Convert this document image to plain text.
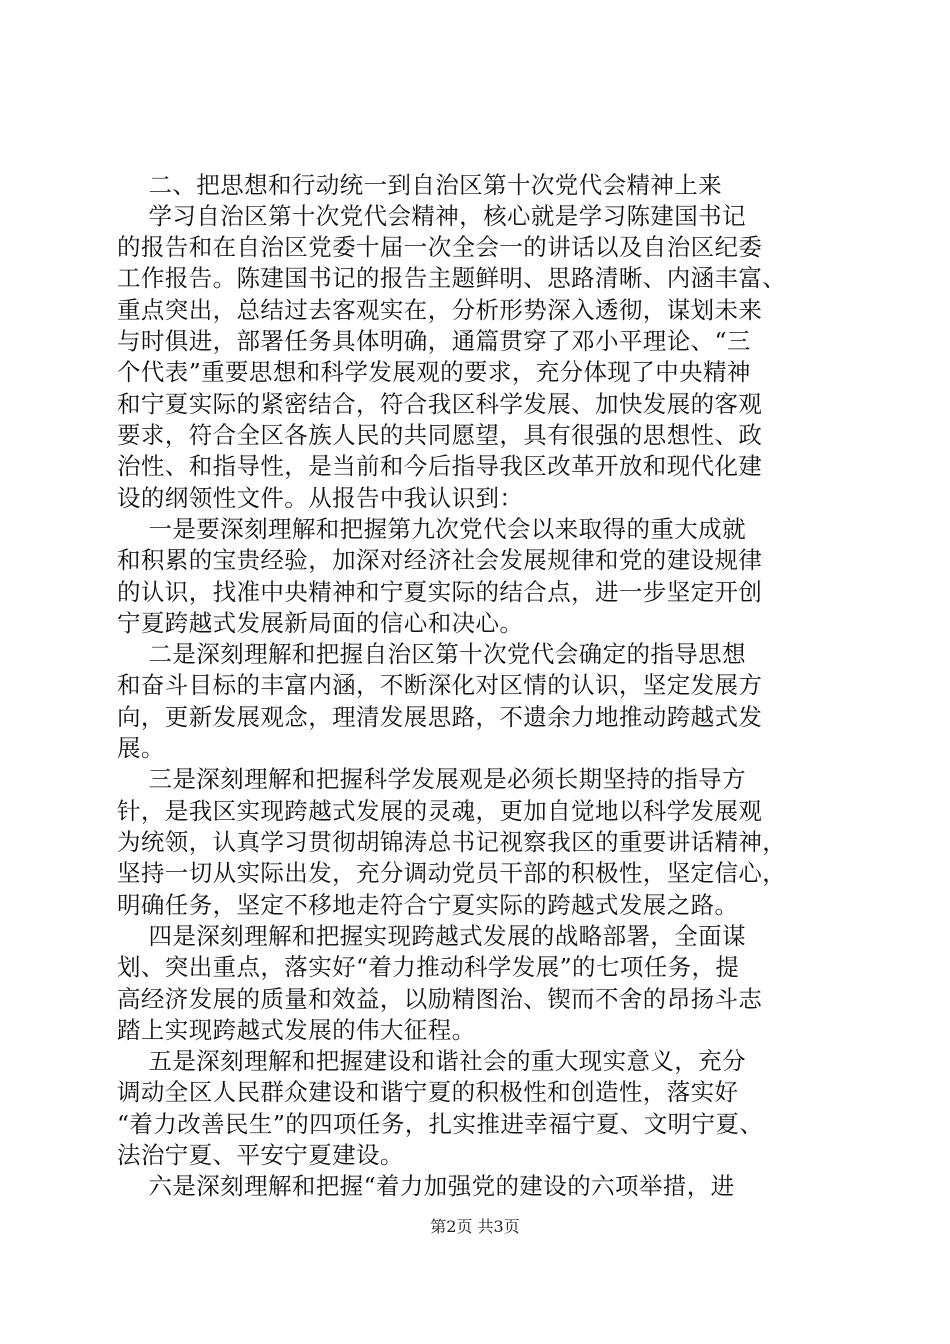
二、把思想和行动统一到自治区第十次党代会精神上来
学习自治区第十次党代会精神，核心就是学习陈建国书记
的报告和在自治区党委十届一次全会一的讲话以及自治区纪委
工作报告。陈建国书记的报告主题鲜明、思路清晰、内涵丰富、
重点突出，总结过去客观实在，分析形势深入透彻，谋划未来
与时俱进，部署任务具体明确，通篇贯穿了邓小平理论、“三
个代表”重要思想和科学发展观的要求，充分体现了中央精神
和宁夏实际的紧密结合，符合我区科学发展、加快发展的客观
要求，符合全区各族人民的共同愿望，具有很强的思想性、政
治性、和指导性，是当前和今后指导我区改革开放和现代化建
设的纲领性文件。从报告中我认识到：
一是要深刻理解和把握第九次党代会以来取得的重大成就
和积累的宝贵经验，加深对经济社会发展规律和党的建设规律
的认识，找准中央精神和宁夏实际的结合点，进一步坚定开创
宁夏跨越式发展新局面的信心和决心。
二是深刻理解和把握自治区第十次党代会确定的指导思想
和奋斗目标的丰富内涵，不断深化对区情的认识，坚定发展方
向，更新发展观念，理清发展思路，不遗余力地推动跨越式发
展。
三是深刻理解和把握科学发展观是必须长期坚持的指导方
针，是我区实现跨越式发展的灵魂，更加自觉地以科学发展观
为统领，认真学习贯彻胡锦涛总书记视察我区的重要讲话精神，
坚持一切从实际出发，充分调动党员干部的积极性，坚定信心，
明确任务，坚定不移地走符合宁夏实际的跨越式发展之路。
四是深刻理解和把握实现跨越式发展的战略部署，全面谋
划、突出重点，落实好“着力推动科学发展”的七项任务，提
高经济发展的质量和效益，以励精图治、锲而不舍的昂扬斗志
踏上实现跨越式发展的伟大征程。
五是深刻理解和把握建设和谐社会的重大现实意义，充分
调动全区人民群众建设和谐宁夏的积极性和创造性，落实好
“着力改善民生”的四项任务，扎实推进幸福宁夏、文明宁夏、
法治宁夏、平安宁夏建设。
六是深刻理解和把握“着力加强党的建设的六项举措，进
第2页 共3页
